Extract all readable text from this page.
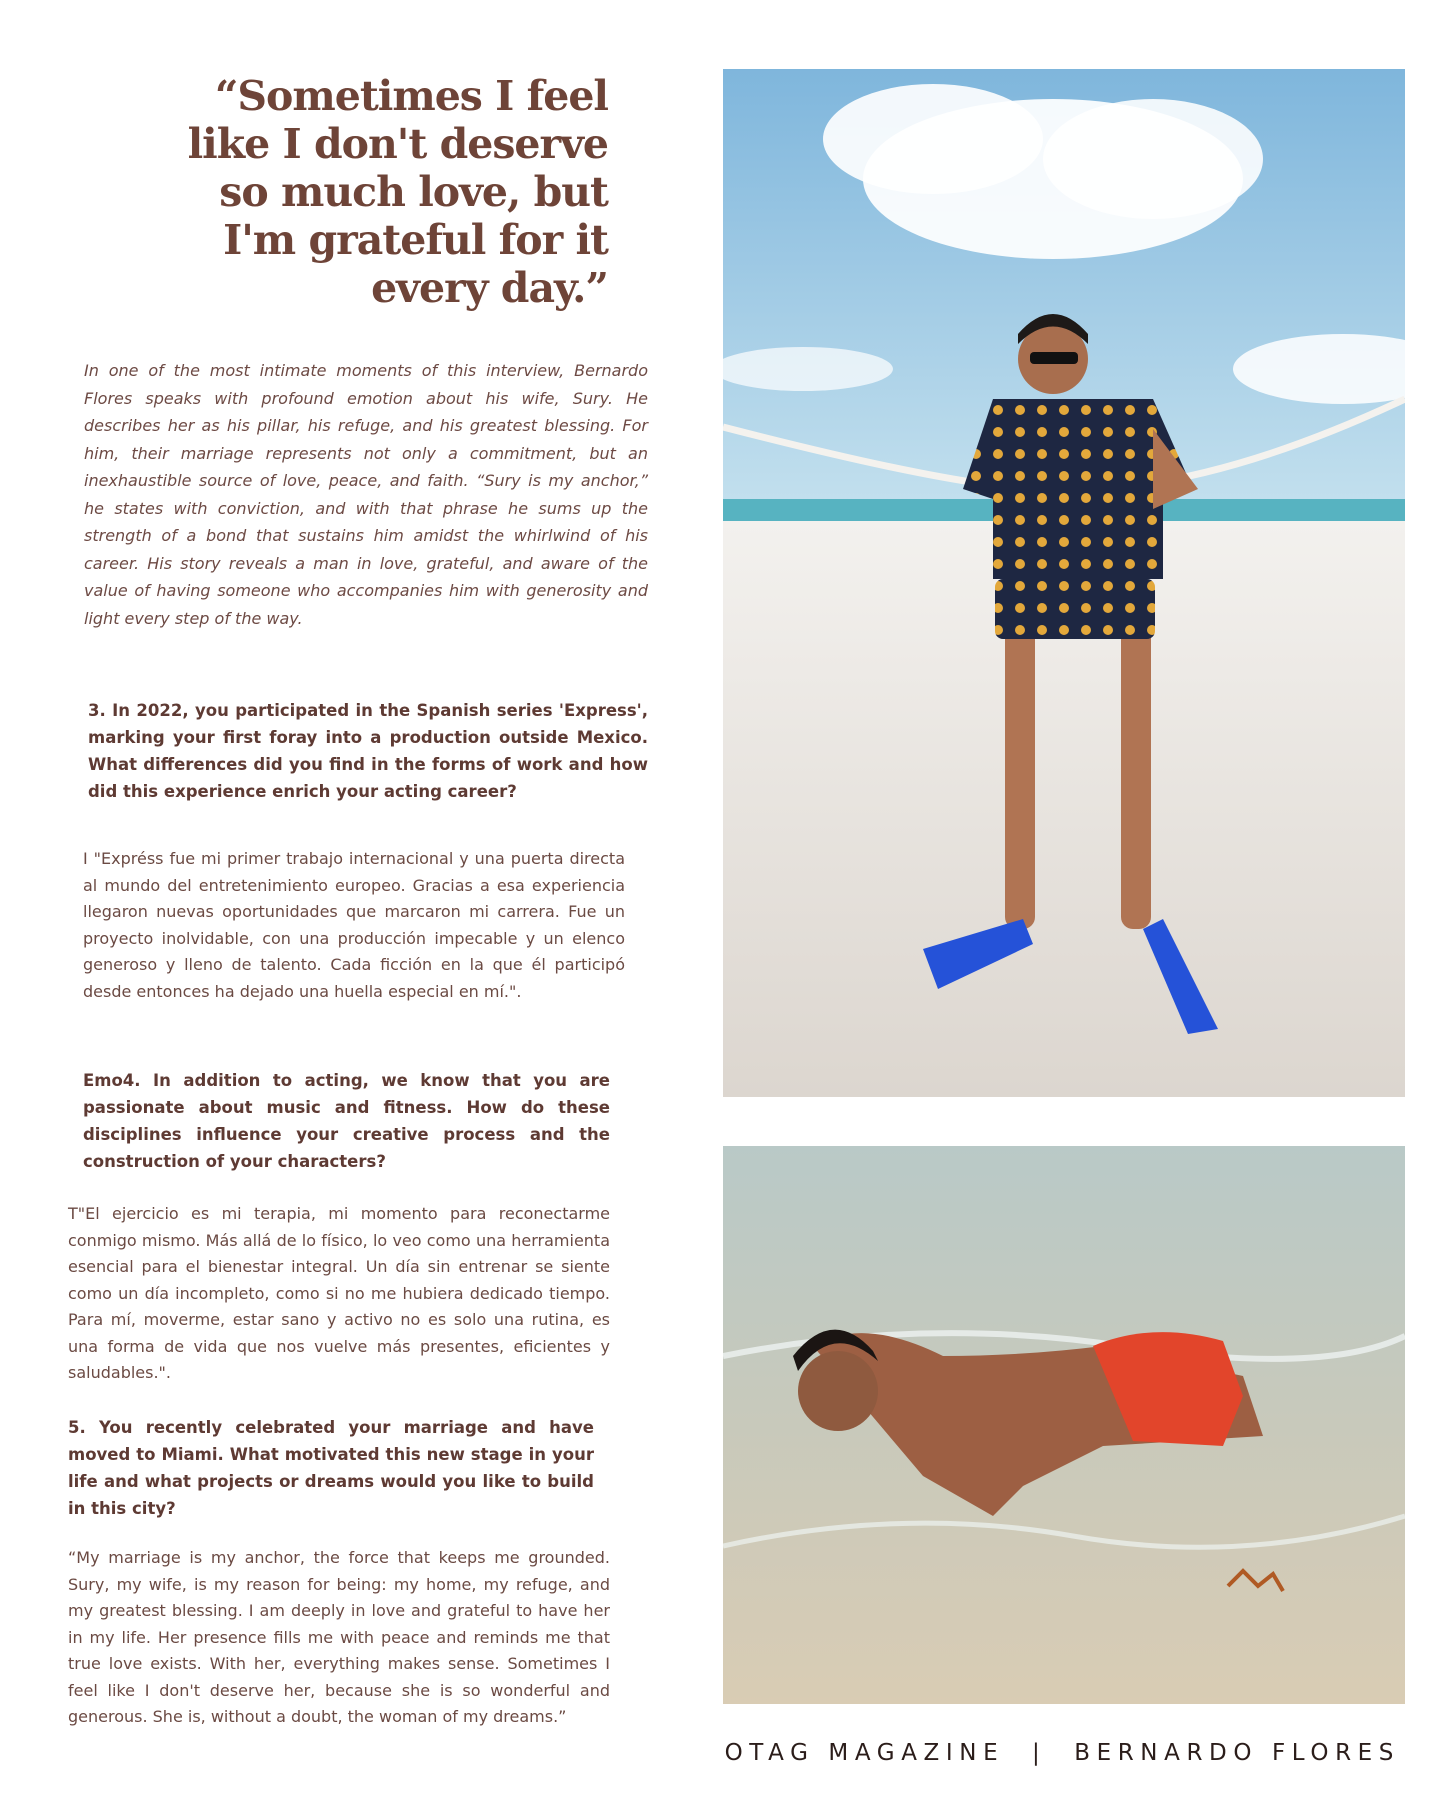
“Sometimes I feel
like I don't deserve
so much love, but
I'm grateful for it
every day.”

In one of the most intimate moments of this interview, Bernardo Flores speaks with profound emotion about his wife, Sury. He describes her as his pillar, his refuge, and his greatest blessing. For him, their marriage represents not only a commitment, but an inexhaustible source of love, peace, and faith. “Sury is my anchor,” he states with conviction, and with that phrase he sums up the strength of a bond that sustains him amidst the whirlwind of his career. His story reveals a man in love, grateful, and aware of the value of having someone who accompanies him with generosity and light every step of the way.

3. In 2022, you participated in the Spanish series 'Express', marking your first foray into a production outside Mexico. What differences did you find in the forms of work and how did this experience enrich your acting career?

I "Expréss fue mi primer trabajo internacional y una puerta directa al mundo del entretenimiento europeo. Gracias a esa experiencia llegaron nuevas oportunidades que marcaron mi carrera. Fue un proyecto inolvidable, con una producción impecable y un elenco generoso y lleno de talento. Cada ficción en la que él participó desde entonces ha dejado una huella especial en mí.".

Emo4. In addition to acting, we know that you are passionate about music and fitness. How do these disciplines influence your creative process and the construction of your characters?

T"El ejercicio es mi terapia, mi momento para reconectarme conmigo mismo. Más allá de lo físico, lo veo como una herramienta esencial para el bienestar integral. Un día sin entrenar se siente como un día incompleto, como si no me hubiera dedicado tiempo. Para mí, moverme, estar sano y activo no es solo una rutina, es una forma de vida que nos vuelve más presentes, eficientes y saludables.".

5. You recently celebrated your marriage and have moved to Miami. What motivated this new stage in your life and what projects or dreams would you like to build in this city?

“My marriage is my anchor, the force that keeps me grounded. Sury, my wife, is my reason for being: my home, my refuge, and my greatest blessing. I am deeply in love and grateful to have her in my life. Her presence fills me with peace and reminds me that true love exists. With her, everything makes sense. Sometimes I feel like I don't deserve her, because she is so wonderful and generous. She is, without a doubt, the woman of my dreams.”

OTAG MAGAZINE  |  BERNARDO FLORES
